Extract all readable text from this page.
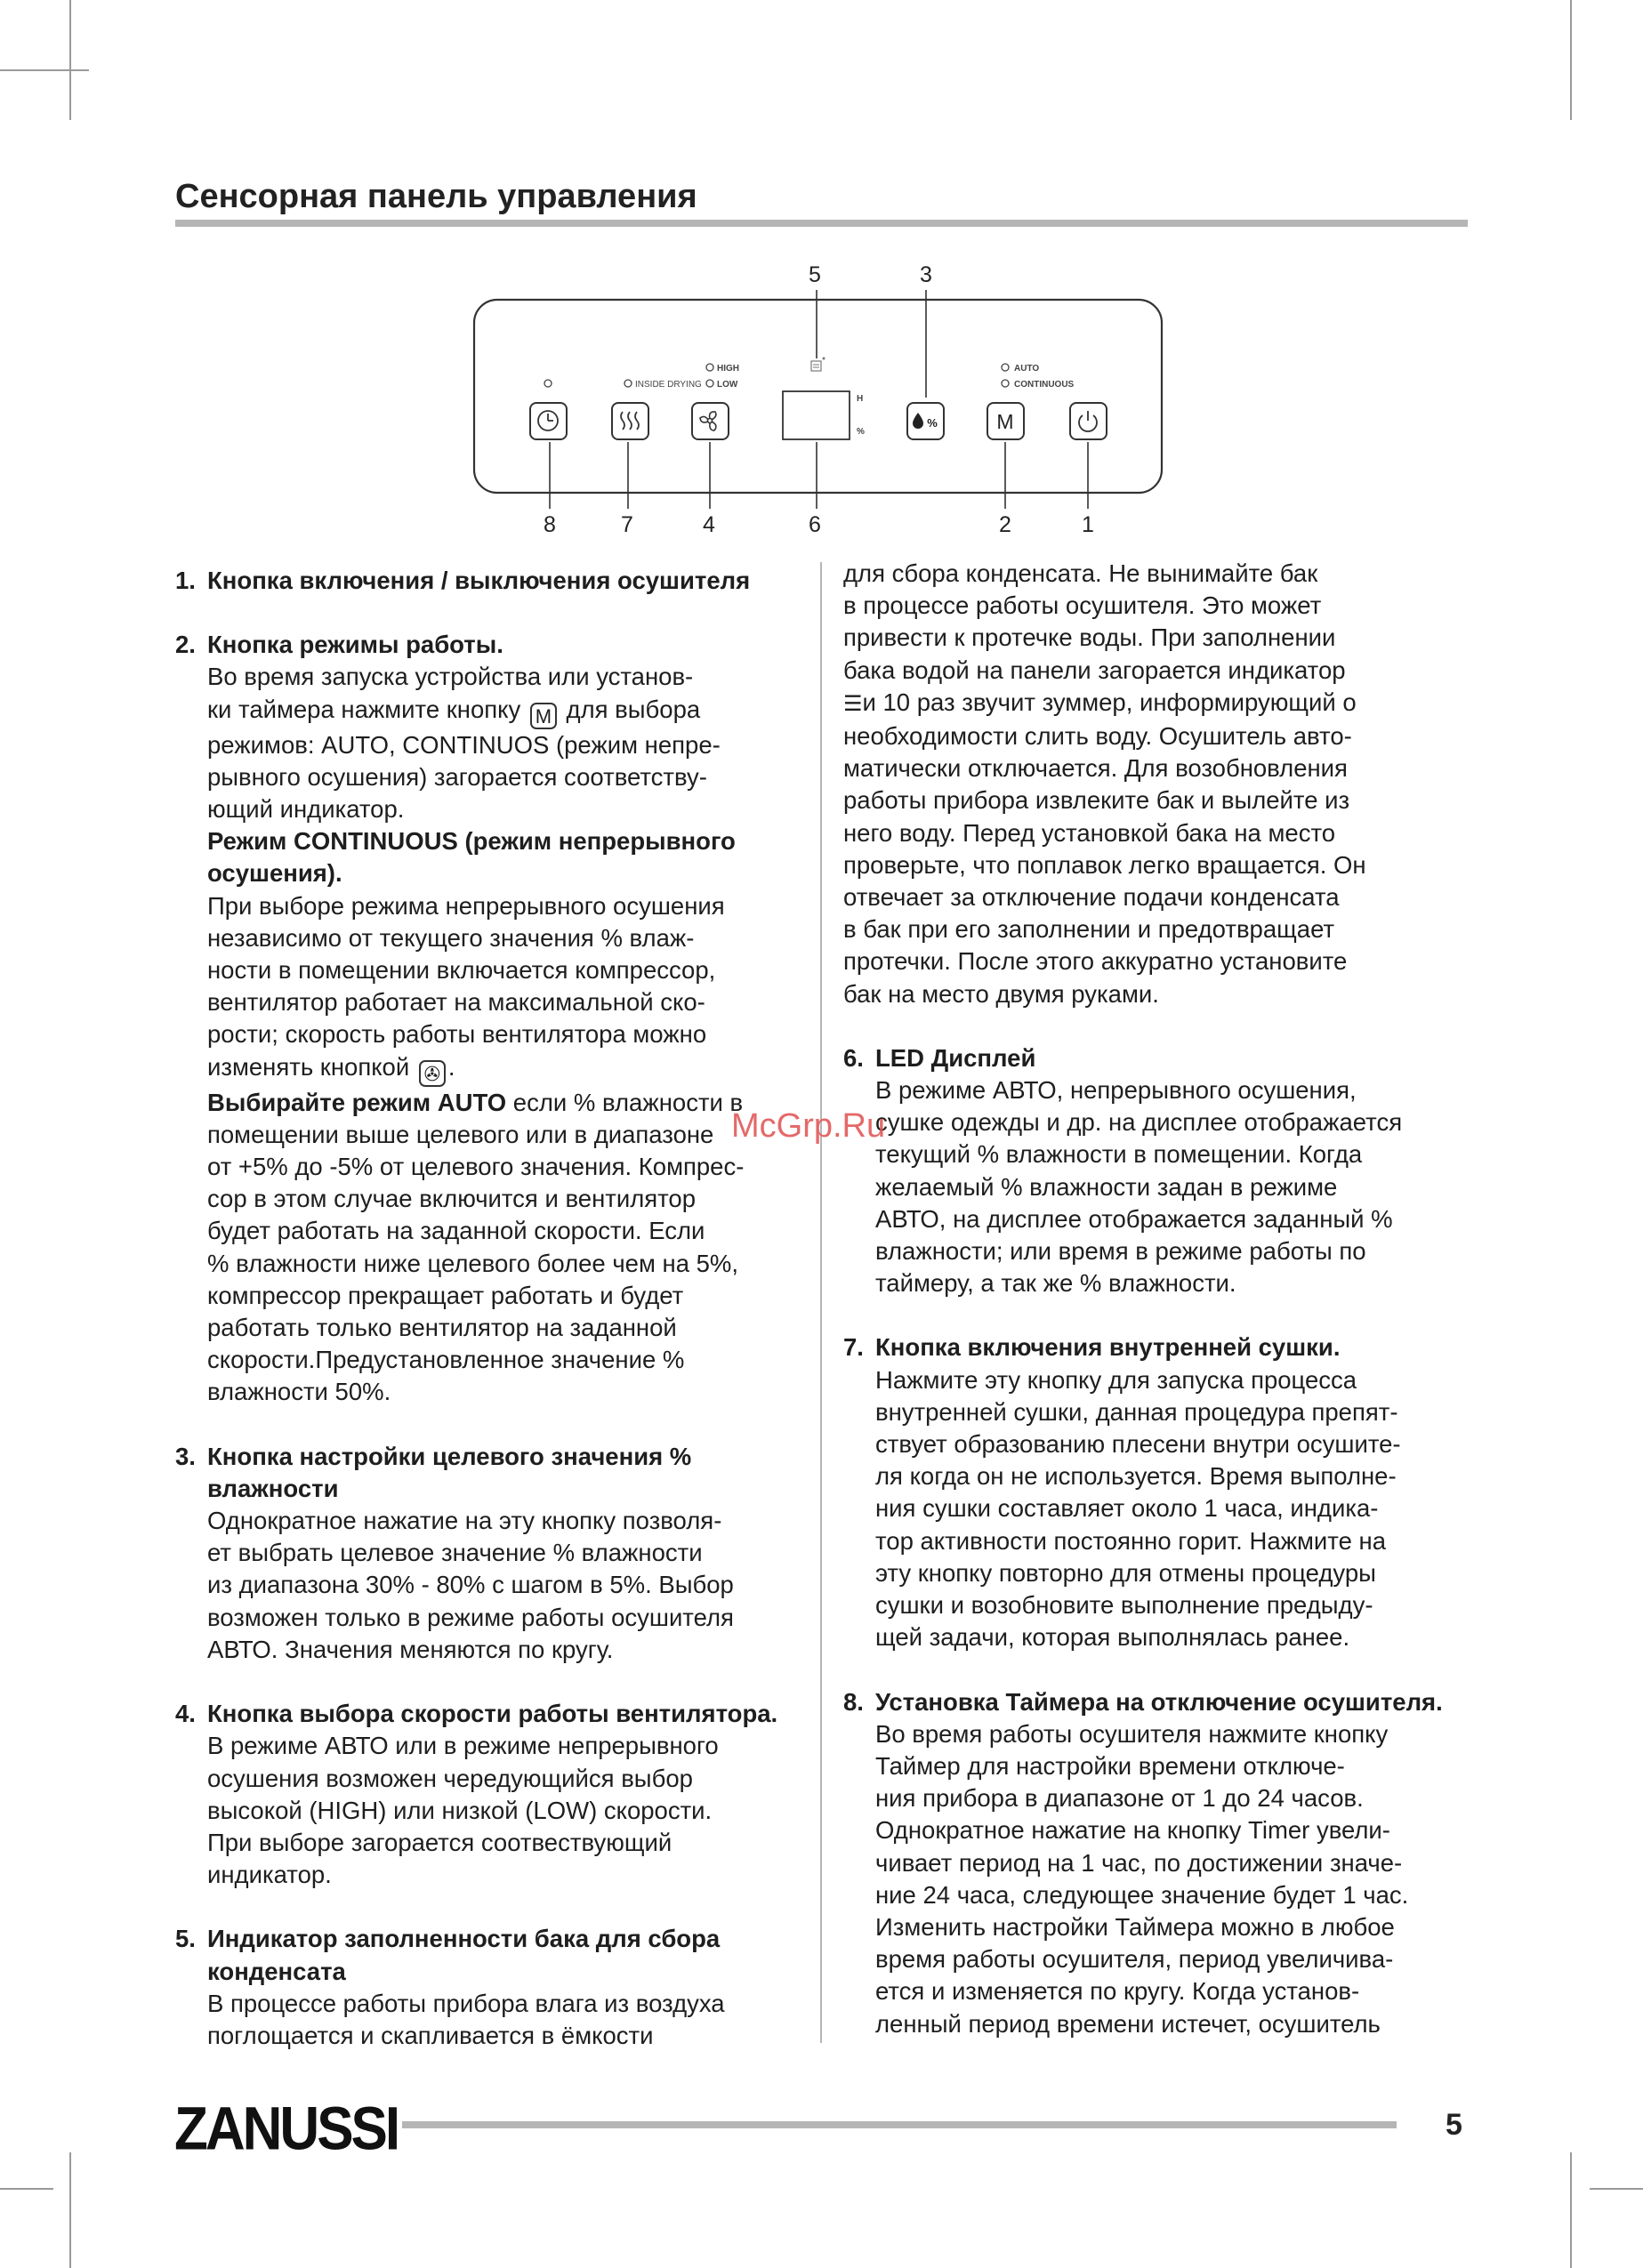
Сенсорная панель управления
5	3
8	7	4	6	2	1
INSIDE DRYING
HIGH
LOW
H
%
%
AUTO
CONTINUOUS
M
1. Кнопка включения / выключения осушителя
2. Кнопка режимы работы.
Во время запуска устройства или установ-
ки таймера нажмите кнопку M для выбора
режимов: AUTO, CONTINUOS (режим непре-
рывного осушения) загорается соответству-
ющий индикатор.
Режим CONTINUOUS (режим непрерывного
осушения).
При выборе режима непрерывного осушения
независимо от текущего значения % влаж-
ности в помещении включается компрессор,
вентилятор работает на максимальной ско-
рости; скорость работы вентилятора можно
изменять кнопкой ✇ .
Выбирайте режим AUTO если % влажности в
помещении выше целевого или в диапазоне
от +5% до -5% от целевого значения. Компрес-
сор в этом случае включится и вентилятор
будет работать на заданной скорости. Если
% влажности ниже целевого более чем на 5%,
компрессор прекращает работать и будет
работать только вентилятор на заданной
скорости.Предустановленное значение %
влажности 50%.
3. Кнопка настройки целевого значения %
влажности
Однократное нажатие на эту кнопку позволя-
ет выбрать целевое значение % влажности
из диапазона 30% - 80% с шагом в 5%. Выбор
возможен только в режиме работы осушителя
АВТО. Значения меняются по кругу.
4. Кнопка выбора скорости работы вентилятора.
В режиме АВТО или в режиме непрерывного
осушения возможен чередующийся выбор
высокой (HIGH) или низкой (LOW) скорости.
При выборе загорается соотвествующий
индикатор.
5. Индикатор заполненности бака для сбора
конденсата
В процессе работы прибора влага из воздуха
поглощается и скапливается в ёмкости
для сбора конденсата. Не вынимайте бак
в процессе работы осушителя. Это может
привести к протечке воды. При заполнении
бака водой на панели загорается индикатор
☰и 10 раз звучит зуммер, информирующий о
необходимости слить воду. Осушитель авто-
матически отключается. Для возобновления
работы прибора извлеките бак и вылейте из
него воду. Перед установкой бака на место
проверьте, что поплавок легко вращается. Он
отвечает за отключение подачи конденсата
в бак при его заполнении и предотвращает
протечки. После этого аккуратно установите
бак на место двумя руками.
6. LED Дисплей
В режиме АВТО, непрерывного осушения,
сушке одежды и др. на дисплее отображается
текущий % влажности в помещении. Когда
желаемый % влажности задан в режиме
АВТО, на дисплее отображается заданный %
влажности; или время в режиме работы по
таймеру, а так же % влажности.
7. Кнопка включения внутренней сушки.
Нажмите эту кнопку для запуска процесса
внутренней сушки, данная процедура препят-
ствует образованию плесени внутри осушите-
ля когда он не используется. Время выполне-
ния сушки составляет около 1 часа, индика-
тор активности постоянно горит. Нажмите на
эту кнопку повторно для отмены процедуры
сушки и возобновите выполнение предыду-
щей задачи, которая выполнялась ранее.
8. Установка Таймера на отключение осушителя.
Во время работы осушителя нажмите кнопку
Таймер для настройки времени отключе-
ния прибора в диапазоне от 1 до 24 часов.
Однократное нажатие на кнопку Timer увели-
чивает период на 1 час, по достижении значе-
ние 24 часа, следующее значение будет 1 час.
Изменить настройки Таймера можно в любое
время работы осушителя, период увеличива-
ется и изменяется по кругу. Когда установ-
ленный период времени истечет, осушитель
McGrp.Ru
ZANUSSI	5
